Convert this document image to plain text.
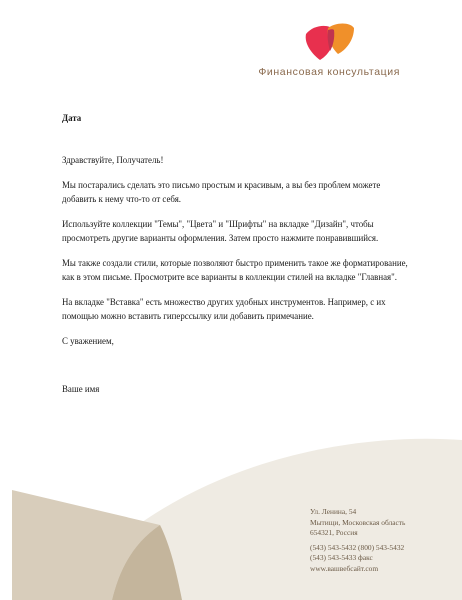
Финансовая консультация

Дата

Здравствуйте, Получатель!

Мы постарались сделать это письмо простым и красивым, а вы без проблем можете добавить к нему что-то от себя.

Используйте коллекции "Темы", "Цвета" и "Шрифты" на вкладке "Дизайн", чтобы просмотреть другие варианты оформления. Затем просто нажмите понравившийся.

Мы также создали стили, которые позволяют быстро применить такое же форматирование, как в этом письме. Просмотрите все варианты в коллекции стилей на вкладке "Главная".

На вкладке "Вставка" есть множество других удобных инструментов. Например, с их помощью можно вставить гиперссылку или добавить примечание.

С уважением,

Ваше имя

Ул. Ленина, 54
Мытищи, Московская область
654321, Россия
(543) 543-5432 (800) 543-5432
(543) 543-5433 факс
www.вашвебсайт.com
